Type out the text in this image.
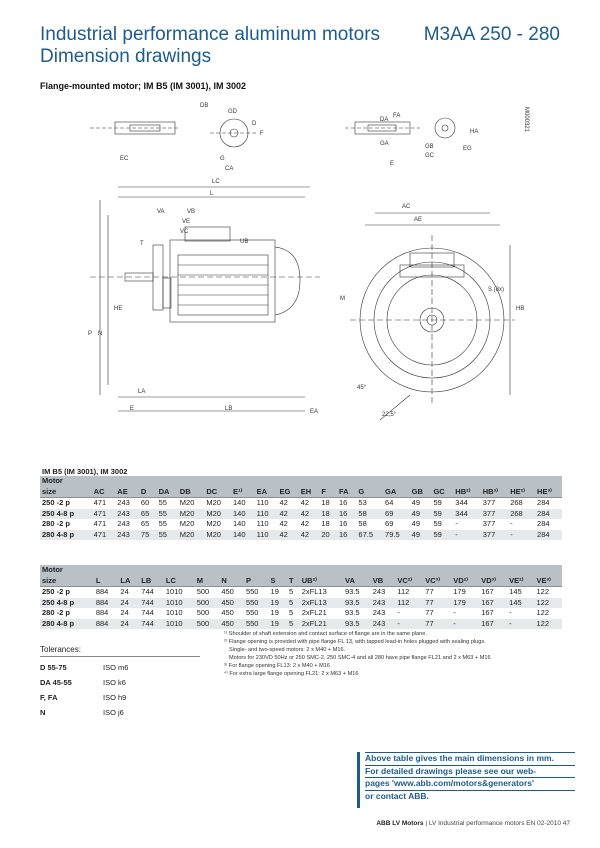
Industrial performance aluminum motors
Dimension drawings
M3AA 250 - 280
Flange-mounted motor; IM B5 (IM 3001), IM 3002
DB
GD
F
D
EC	G
CA
LC
L
VA	VB
VE
VC
UB
T
HE
P N
LA
E	LB	EA
AC
AE
S (8x)
HB
M
45°
22,5°
DA
FA
HA
GB
GC
EG
E
GA
M000321
IM B5 (IM 3001), IM 3002
Motor																				
size	AC	AE	D	DA	DB	DC	E¹⁾	EA	EG	EH	F	FA	G	GA	GB	GC	HB²⁾	HB³⁾	HE²⁾	HE³⁾
250 -2 p	471	243	60	55	M20	M20	140	110	42	42	18	16	53	64	49	59	344	377	268	284
250 4-8 p	471	243	65	55	M20	M20	140	110	42	42	18	16	58	69	49	59	344	377	268	284
280 -2 p	471	243	65	55	M20	M20	140	110	42	42	18	16	58	69	49	59	-	377	-	284
280 4-8 p	471	243	75	55	M20	M20	140	110	42	42	20	16	67.5	79.5	49	59	-	377	-	284
Motor																		
size	L	LA	LB	LC	M	N	P	S	T	UB²⁾	VA	VB	VC²⁾	VC³⁾	VD²⁾	VD³⁾	VE²⁾	VE³⁾
250 -2 p	884	24	744	1010	500	450	550	19	5	2xFL13	93.5	243	112	77	179	167	145	122
250 4-8 p	884	24	744	1010	500	450	550	19	5	2xFL13	93.5	243	112	77	179	167	145	122
280 -2 p	884	24	744	1010	500	450	550	19	5	2xFL21	93.5	243	-	77	-	167	-	122
280 4-8 p	884	24	744	1010	500	450	550	19	5	2xFL21	93.5	243	-	77	-	167	-	122
¹⁾ Shoulder of shaft extension and contact surface of flange are in the same plane.
²⁾ Flange opening is provided with pipe flange FL 13, with tapped lead-in holes plugged with sealing plugs.
Single- and two-speed motors: 2 x M40 + M16.
Motors for 230VD 50Hz or 250 SMC-2, 250 SMC-4 and all 280 have pipe flange FL21 and 2 x M63 + M16
³⁾ For flange opening FL13: 2 x M40 + M16
⁴⁾ For extra large flange opening FL21: 2 x M63 + M16
Tolerances:
D 55-75	ISO m6
DA 45-55	ISO k6
F, FA	ISO h9
N	ISO j6
Above table gives the main dimensions in mm.
For detailed drawings please see our web-
pages 'www.abb.com/motors&generators'
or contact ABB.
ABB LV Motors | LV Industrial performance motors EN 02-2010 47
